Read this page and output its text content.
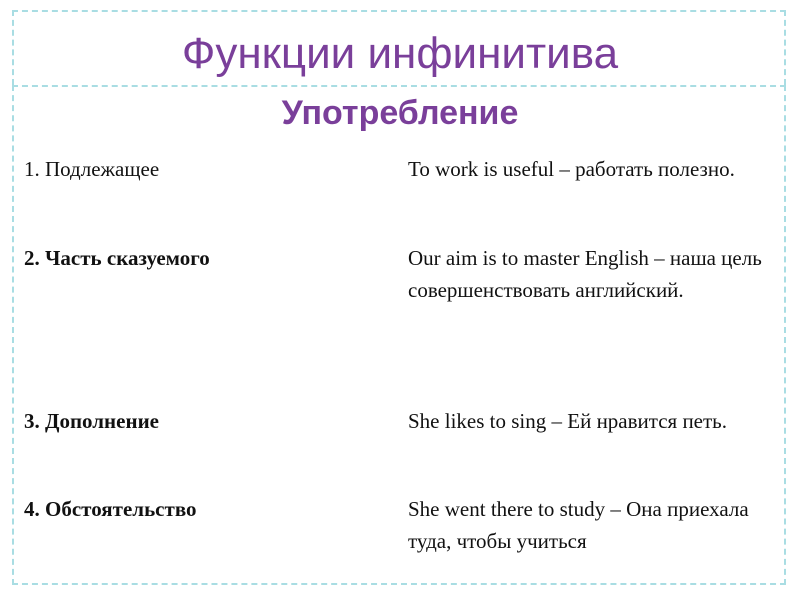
Функции инфинитива
Употребление
1. Подлежащее	To work is useful – работать полезно.
2. Часть сказуемого	Our aim is to master English – наша цель совершенствовать английский.
3. Дополнение	She likes to sing – Ей нравится петь.
4. Обстоятельство	She went there to study – Она приехала туда, чтобы учиться
